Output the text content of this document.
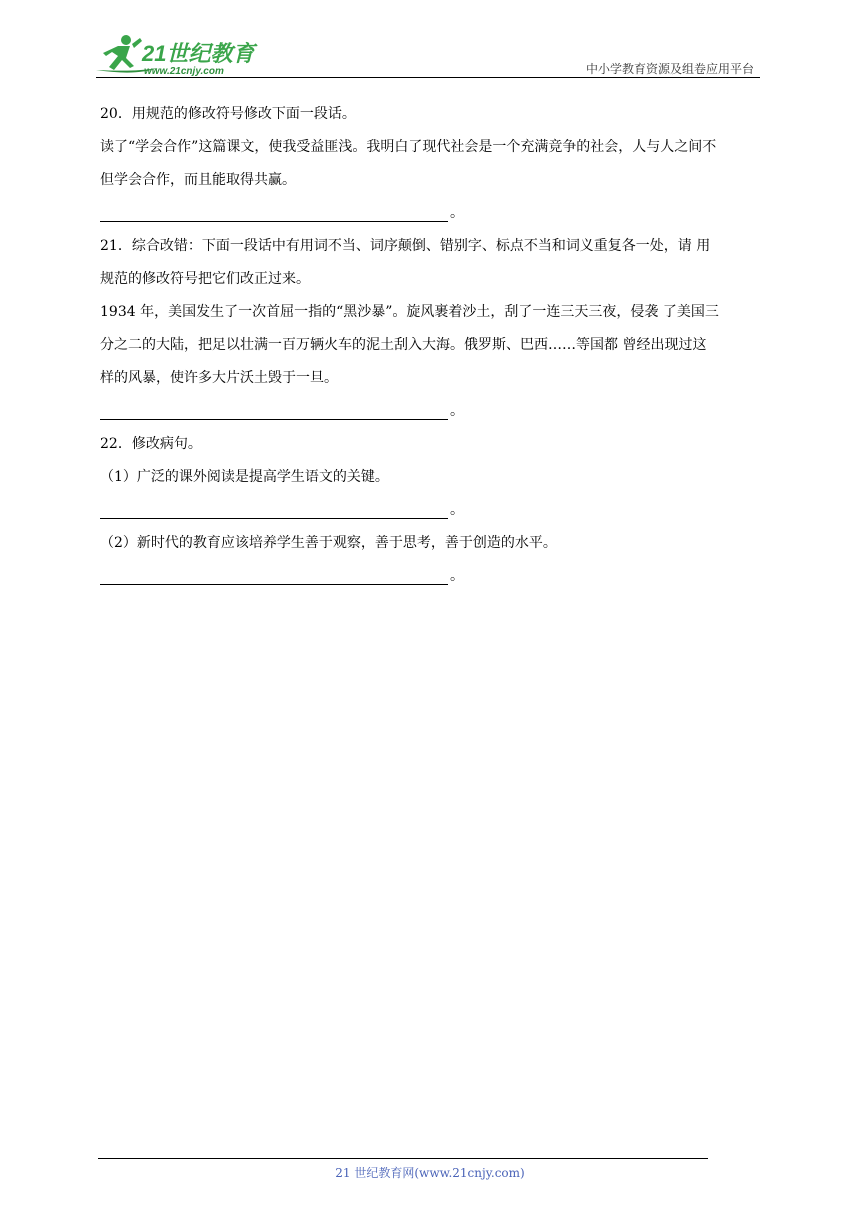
21世纪教育
www.21cnjy.com	中小学教育资源及组卷应用平台
20．用规范的修改符号修改下面一段话。
读了“学会合作”这篇课文，使我受益匪浅。我明白了现代社会是一个充满竞争的社会，人与人之间不
但学会合作，而且能取得共赢。
。
21．综合改错：下面一段话中有用词不当、词序颠倒、错别字、标点不当和词义重复各一处，请 用
规范的修改符号把它们改正过来。
1934 年，美国发生了一次首屈一指的“黑沙暴”。旋风裹着沙土，刮了一连三天三夜，侵袭 了美国三
分之二的大陆，把足以壮满一百万辆火车的泥土刮入大海。俄罗斯、巴西……等国都 曾经出现过这
样的风暴，使许多大片沃土毁于一旦。
。
22．修改病句。
（1）广泛的课外阅读是提高学生语文的关键。
。
（2）新时代的教育应该培养学生善于观察，善于思考，善于创造的水平。
。
21 世纪教育网(www.21cnjy.com)
